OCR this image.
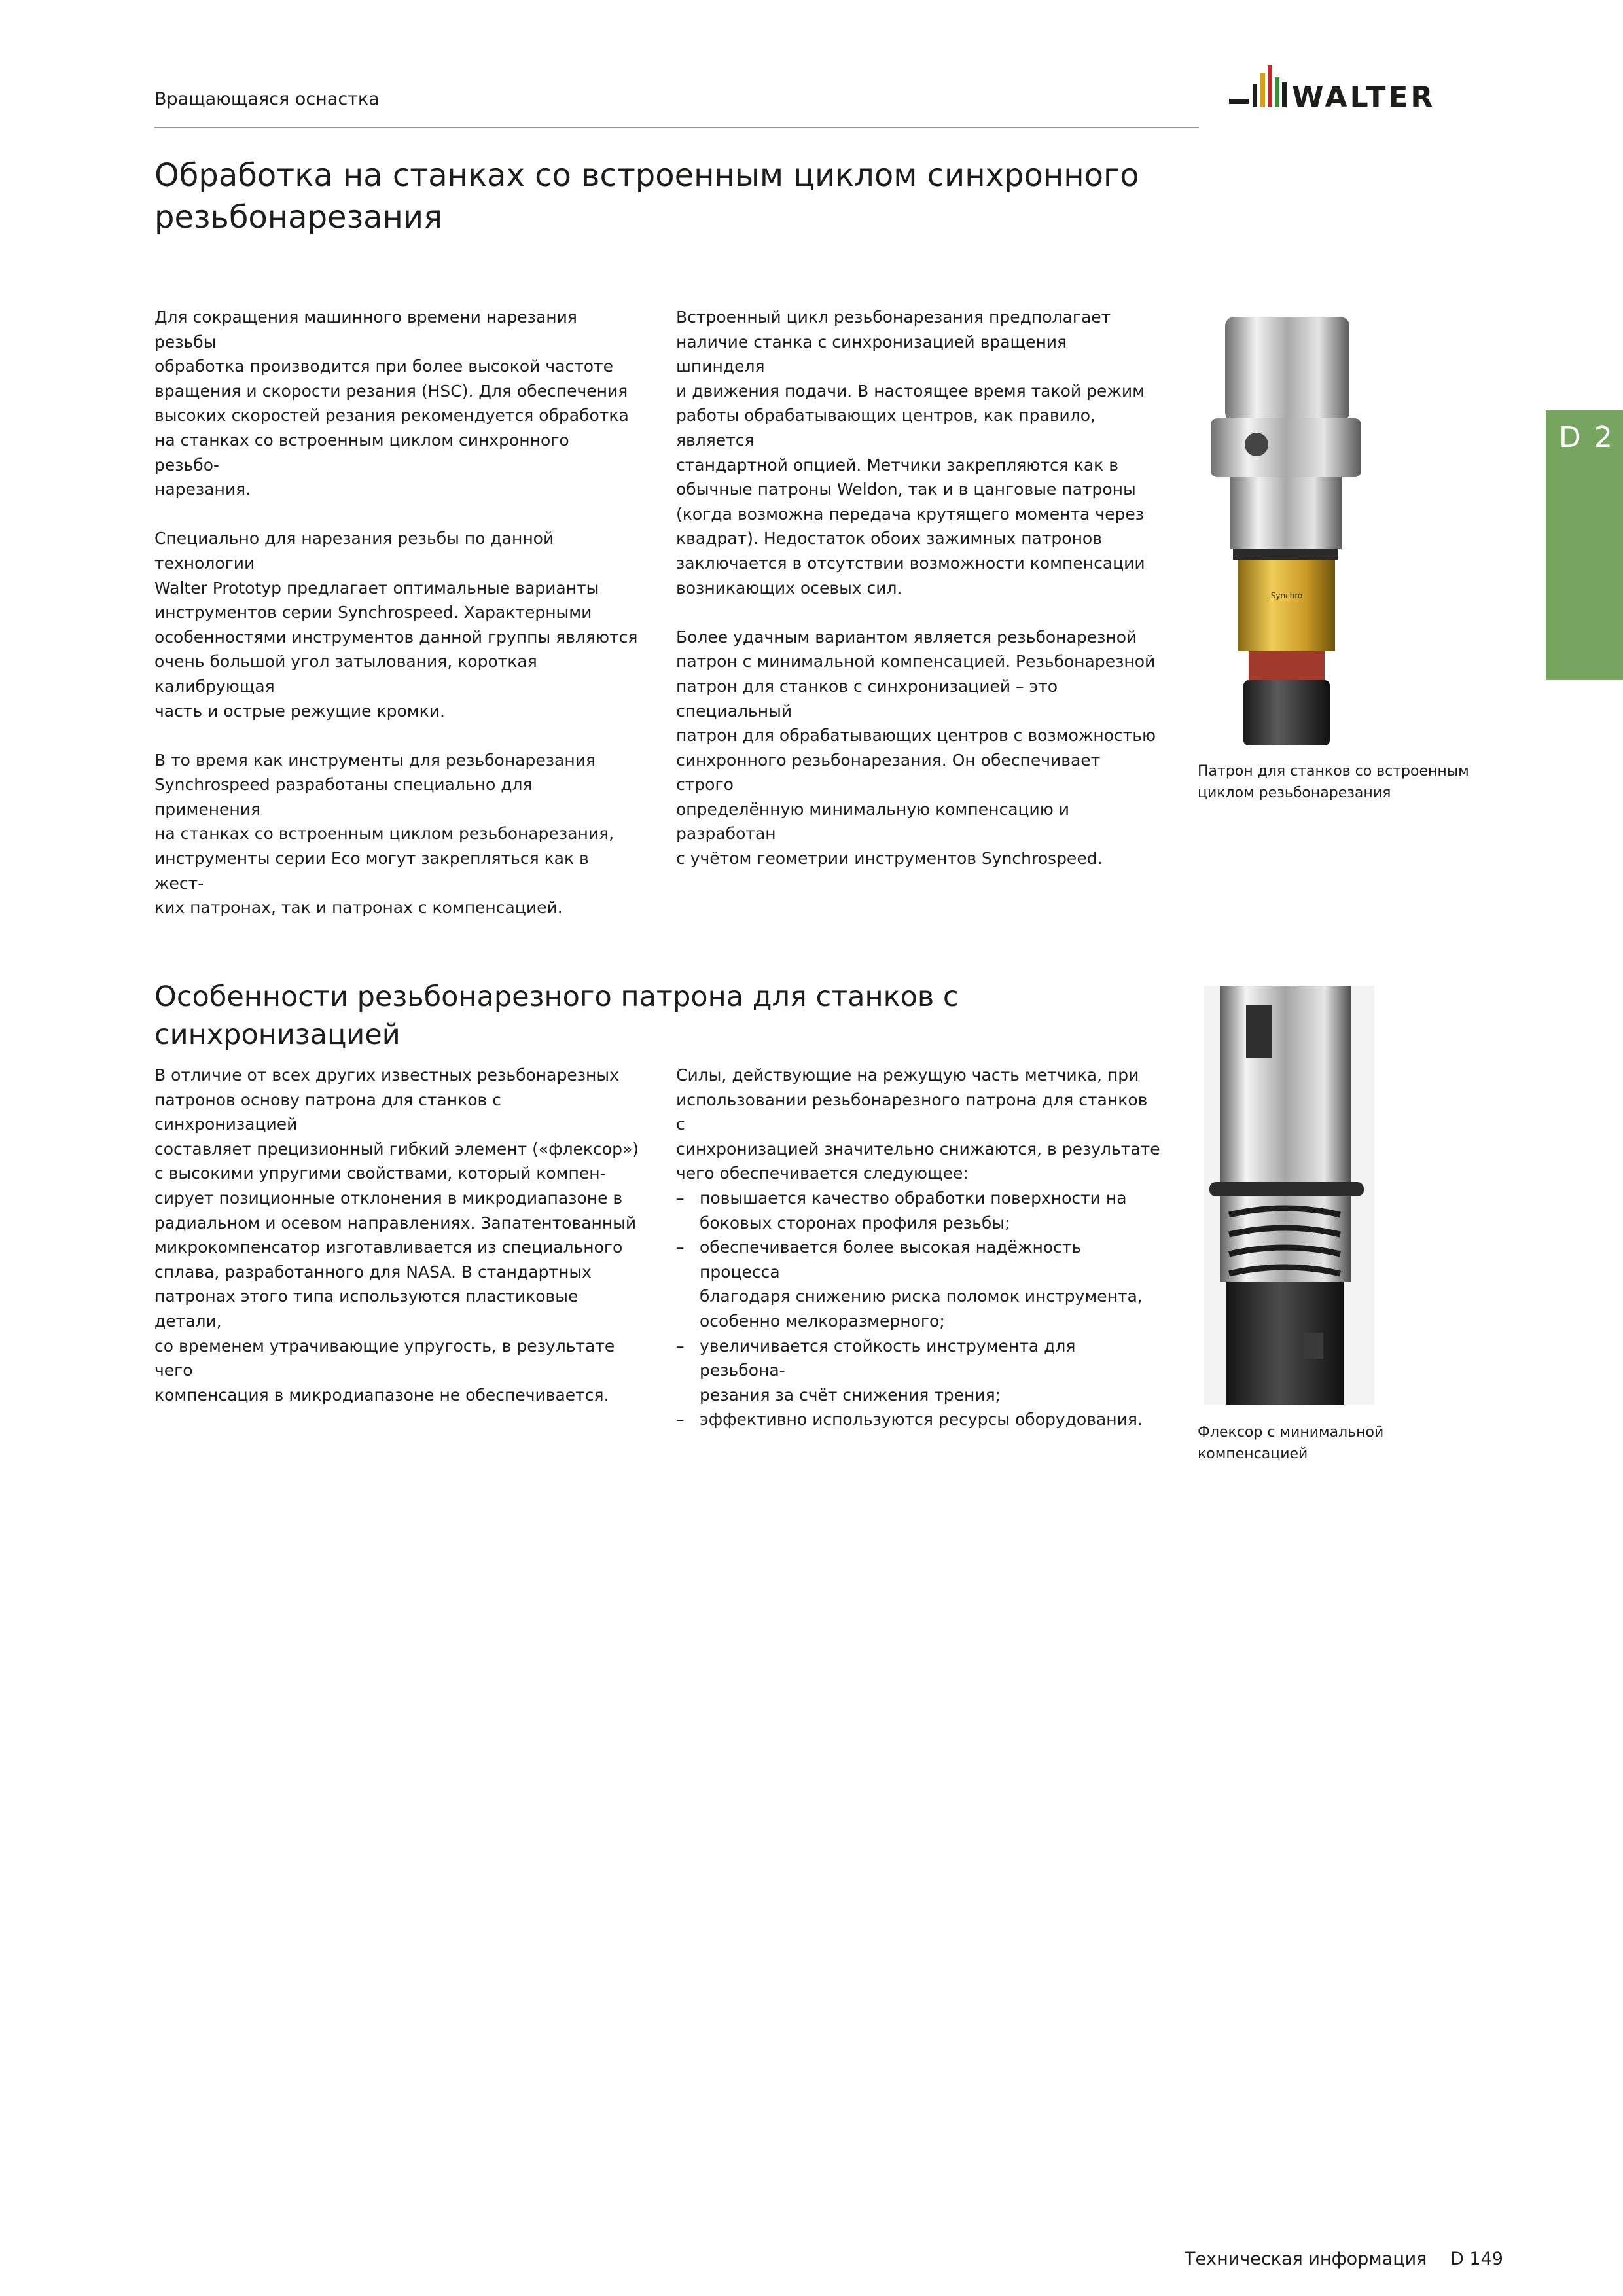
Вращающаяся оснастка	WALTER
D 2
Обработка на станках со встроенным циклом синхронного
резьбонарезания

Для сокращения машинного времени нарезания резьбы
обработка производится при более высокой частоте
вращения и скорости резания (HSC). Для обеспечения
высоких скоростей резания рекомендуется обработка
на станках со встроенным циклом синхронного резьбо-
нарезания.

Специально для нарезания резьбы по данной технологии
Walter Prototyp предлагает оптимальные варианты
инструментов серии Synchrospeed. Характерными
особенностями инструментов данной группы являются
очень большой угол затылования, короткая калибрующая
часть и острые режущие кромки.

В то время как инструменты для резьбонарезания
Synchrospeed разработаны специально для применения
на станках со встроенным циклом резьбонарезания,
инструменты серии Eco могут закрепляться как в жест-
ких патронах, так и патронах с компенсацией.

Встроенный цикл резьбонарезания предполагает
наличие станка с синхронизацией вращения шпинделя
и движения подачи. В настоящее время такой режим
работы обрабатывающих центров, как правило, является
стандартной опцией. Метчики закрепляются как в
обычные патроны Weldon, так и в цанговые патроны
(когда возможна передача крутящего момента через
квадрат). Недостаток обоих зажимных патронов
заключается в отсутствии возможности компенсации
возникающих осевых сил.

Более удачным вариантом является резьбонарезной
патрон с минимальной компенсацией. Резьбонарезной
патрон для станков с синхронизацией – это специальный
патрон для обрабатывающих центров с возможностью
синхронного резьбонарезания. Он обеспечивает строго
определённую минимальную компенсацию и разработан
с учётом геометрии инструментов Synchrospeed.

Synchro
Патрон для станков со встроенным
циклом резьбонарезания
Особенности резьбонарезного патрона для станков с синхронизацией

В отличие от всех других известных резьбонарезных
патронов основу патрона для станков с синхронизацией
составляет прецизионный гибкий элемент («флексор»)
с высокими упругими свойствами, который компен-
сирует позиционные отклонения в микродиапазоне в
радиальном и осевом направлениях. Запатентованный
микрокомпенсатор изготавливается из специального
сплава, разработанного для NASA. В стандартных
патронах этого типа используются пластиковые детали,
со временем утрачивающие упругость, в результате чего
компенсация в микродиапазоне не обеспечивается.

Силы, действующие на режущую часть метчика, при
использовании резьбонарезного патрона для станков с
синхронизацией значительно снижаются, в результате
чего обеспечивается следующее:

– повышается качество обработки поверхности на
боковых сторонах профиля резьбы;
– обеспечивается более высокая надёжность процесса
благодаря снижению риска поломок инструмента,
особенно мелкоразмерного;
– увеличивается стойкость инструмента для резьбона-
резания за счёт снижения трения;
– эффективно используются ресурсы оборудования.
Флексор с минимальной
компенсацией
Техническая информация D 149
